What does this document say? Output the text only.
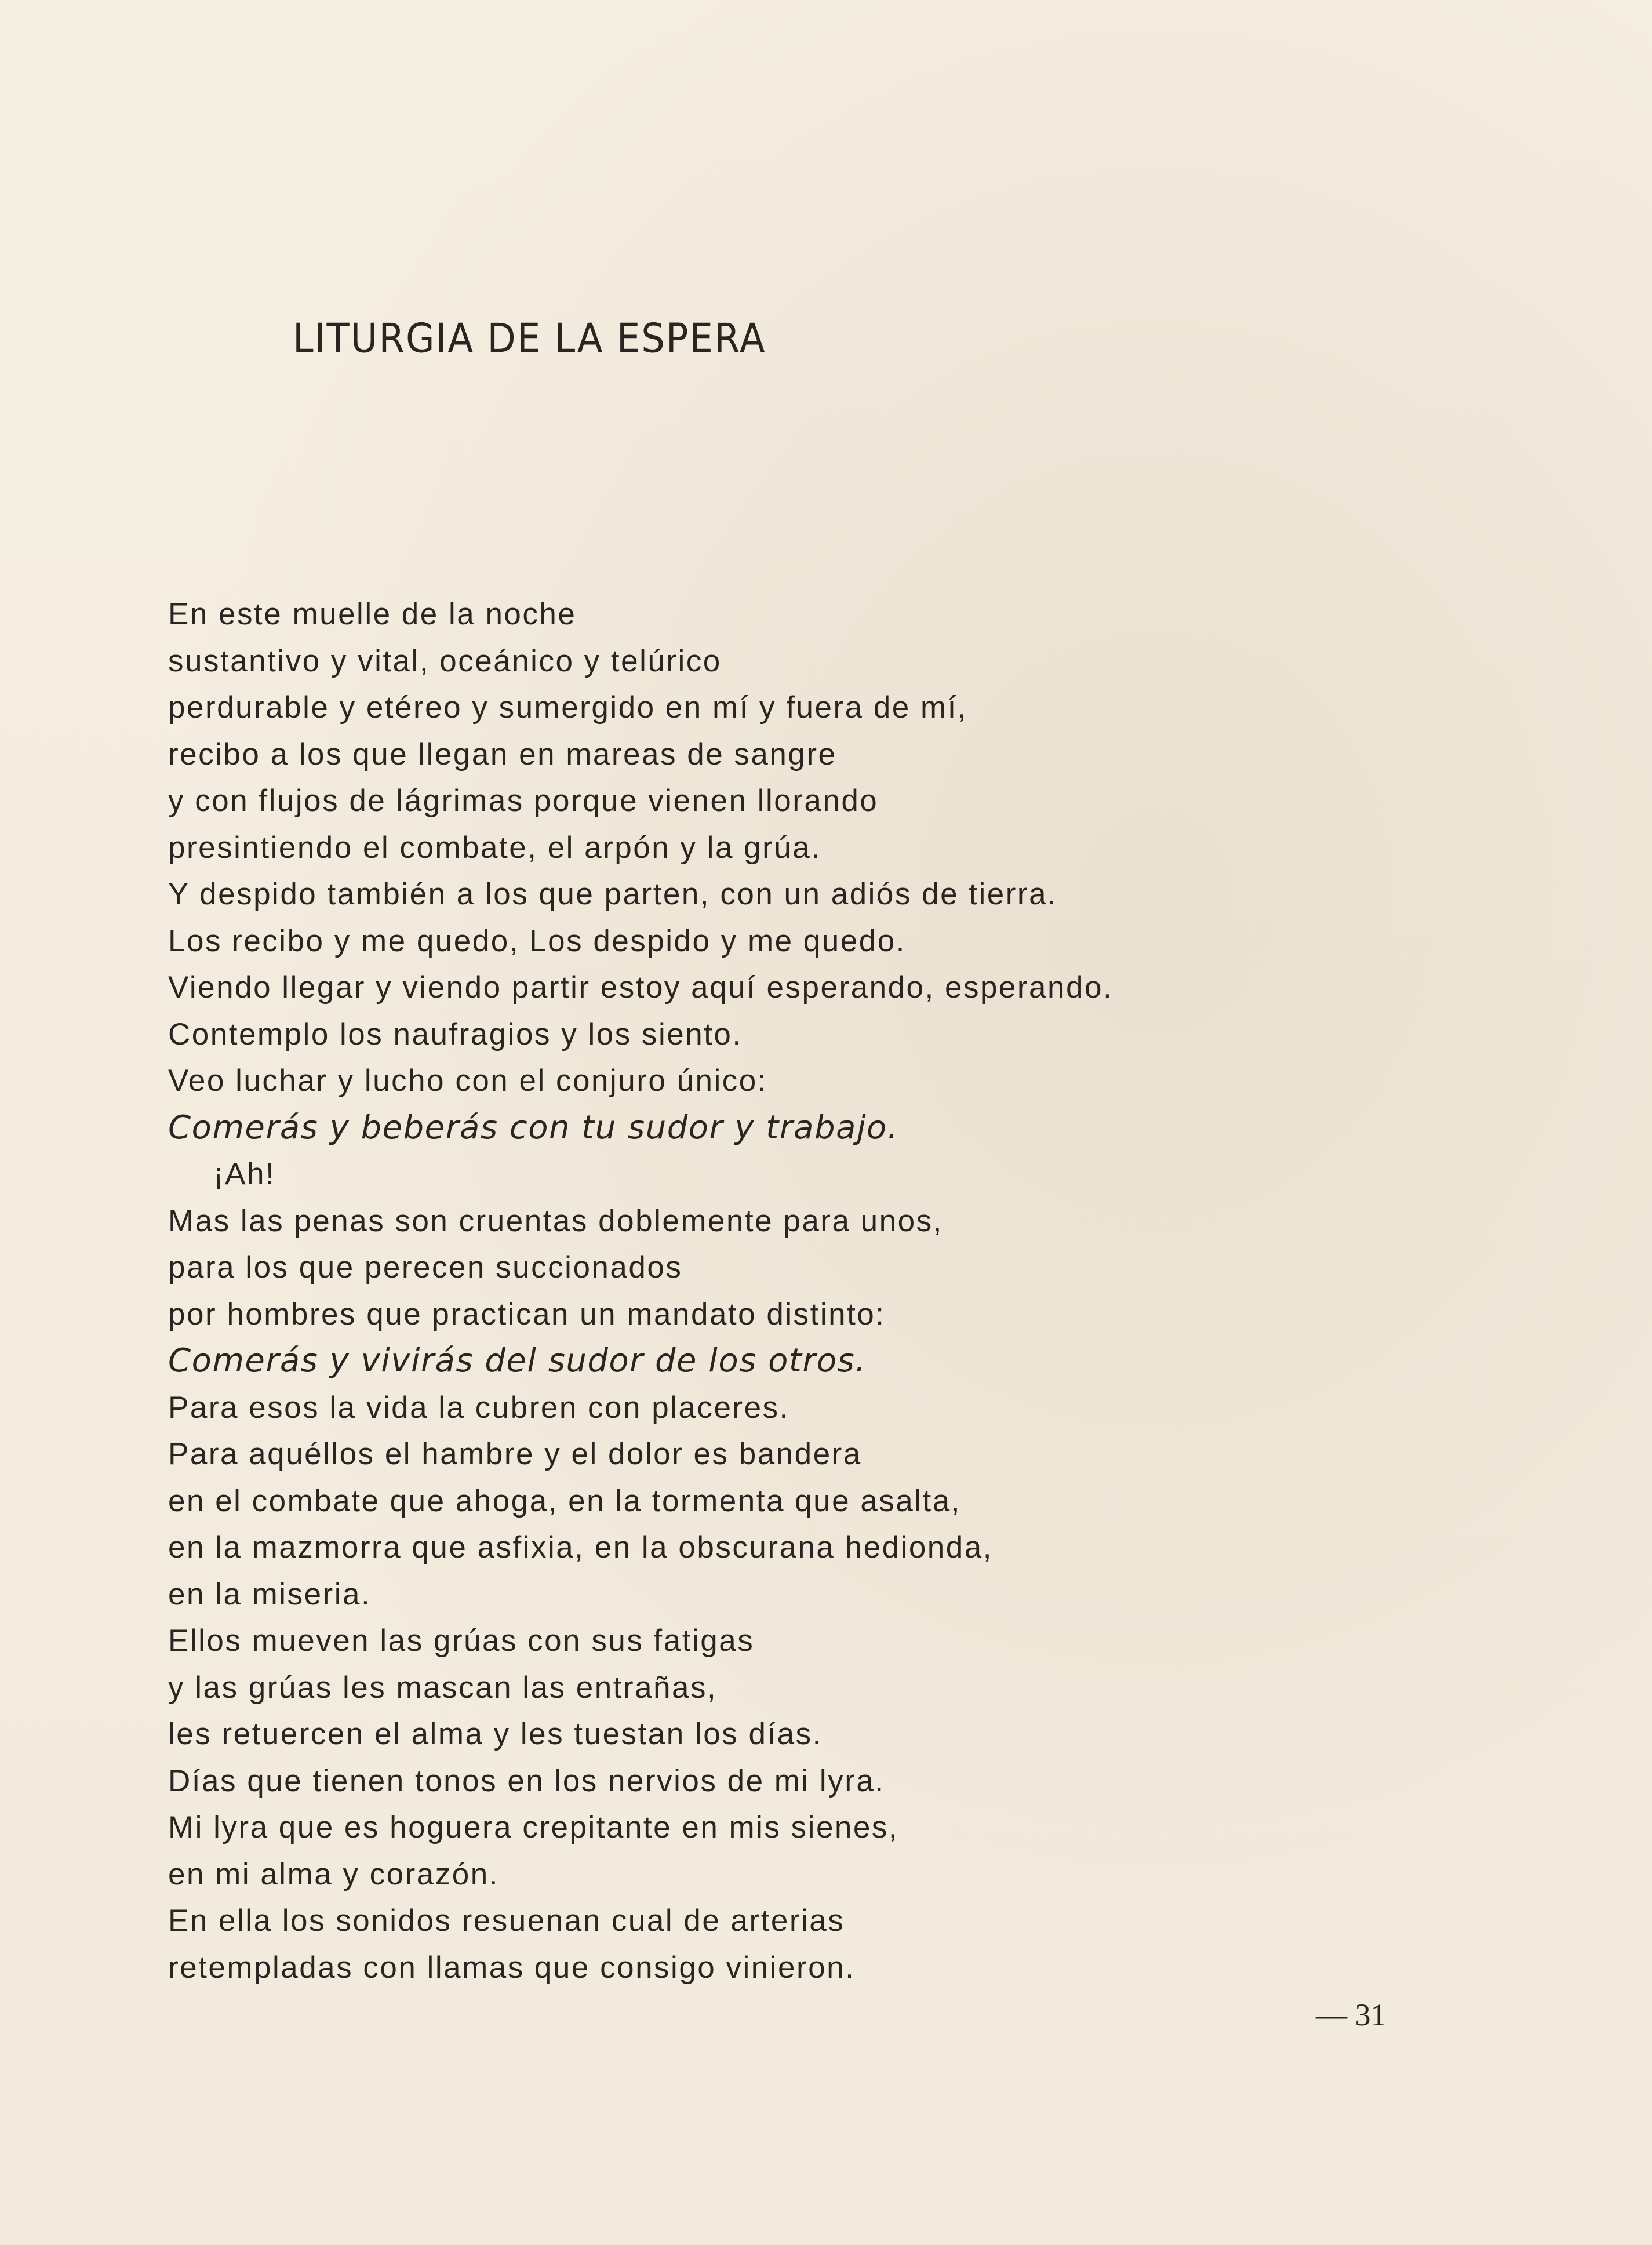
LITURGIA DE LA ESPERA
En este muelle de la noche
sustantivo y vital, oceánico y telúrico
perdurable y etéreo y sumergido en mí y fuera de mí,
recibo a los que llegan en mareas de sangre
y con flujos de lágrimas porque vienen llorando
presintiendo el combate, el arpón y la grúa.
Y despido también a los que parten, con un adiós de tierra.
Los recibo y me quedo, Los despido y me quedo.
Viendo llegar y viendo partir estoy aquí esperando, esperando.
Contemplo los naufragios y los siento.
Veo luchar y lucho con el conjuro único:
Comerás y beberás con tu sudor y trabajo.
¡Ah!
Mas las penas son cruentas doblemente para unos,
para los que perecen succionados
por hombres que practican un mandato distinto:
Comerás y vivirás del sudor de los otros.
Para esos la vida la cubren con placeres.
Para aquéllos el hambre y el dolor es bandera
en el combate que ahoga, en la tormenta que asalta,
en la mazmorra que asfixia, en la obscurana hedionda,
en la miseria.
Ellos mueven las grúas con sus fatigas
y las grúas les mascan las entrañas,
les retuercen el alma y les tuestan los días.
Días que tienen tonos en los nervios de mi lyra.
Mi lyra que es hoguera crepitante en mis sienes,
en mi alma y corazón.
En ella los sonidos resuenan cual de arterias
retempladas con llamas que consigo vinieron.
— 31
